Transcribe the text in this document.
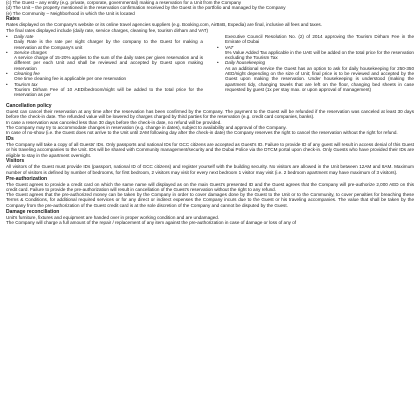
(c) The Guest – any entity (e.g. private, corporate, governmental) making a reservation for a Unit from the Company

(d) The Unit – the property mentioned in the reservation confirmation received by the Guest in the portfolio and managed by the Company

(e) The Community – Neighborhood in which the Unit is located

Rates

Rates displayed on the Company's website or its online travel agencies suppliers (e.g. Booking.com, AirBnB, Expedia) are final, inclusive all fees and taxes.

The final rates displayed include (daily rate, service charges, cleaning fee, tourism dirham and VAT)

•	Daily rate

Daily Rate is the rate per night charger by the company to the Guest for making a reservation at the Company's unit

•	Service charges

A service charge of 15-20% applies to the sum of the daily rates per given reservation and is different per each Unit and shall be reviewed and accepted by Guest upon making reservation

•	Cleaning fee

One time cleaning fee is applicable per one reservation

•	Tourism tax

Tourism Dirham Fee of 10 AED/bedroom/night will be added to the total price for the reservation as per

Executive Council Resolution No. (2) of 2014 approving the Tourism Dirham Fee in the Emirate of Dubai

•	VAT

5% Value Added Tax applicable in the UAE will be added on the total price for the reservation excluding the Tourism Tax

•	Daily housekeeping

As an additional service the Guest has an option to ask for daily housekeeping for 250-350 AED/night depending on the size of Unit; final price is to be reviewed and accepted by the Guest upon making the reservation. Under housekeeping is understood (making the apartment tidy, changing towels that are left on the floor, changing bed sheets in case requested by guest (1x per stay max. or upon approval of management)

Cancellation policy

Guest can cancel their reservation at any time after the reservation has been confirmed by the Company. The payment to the Guest will be refunded if the reservation was canceled at least 30 days before the check-in date. The refunded value will be lowered by charges charged by third parties for the reservation (e.g. credit card companies, banks).

In case a reservation was canceled less than 30 days before the check-in date, no refund will be provided.

The Company may try to accommodate changes in reservation (e.g. change in dates), subject to availability and approval of the Company.

In case of no-show (i.e. the Guest does not arrive to the Unit until 2AM following day after the check-in date) the Company reserves the right to cancel the reservation without the right for refund.

IDs

The Company will take a copy of all Guests' IDs. Only passports and national IDs for GCC citizens are accepted as Guest's ID. Failure to provide ID of any guest will result in access denial of this Guest or his traveling accompanies to the Unit. IDs will be shared with Community management/security and the Dubai Police via the DTCM portal upon check-in. Only Guests who have provided their IDs are eligible to stay in the apartment overnight.

Visitors

All visitors of the Guest must provide IDs (passport, national ID of GCC citizens) and register yourself with the building security. No visitors are allowed in the Unit between 12AM and 8AM. Maximum number of visitors is defined by number of bedrooms, for first bedroom, 2 visitors may visit for every next bedroom 1 visitor may visit (i.e. 2 bedroom apartment may have maximum of 3 visitors).

Pre-authorization

The Guest agrees to provide a credit card on which the same name will displayed as on the main Guest's presented ID and the Guest agrees that the Company will pre-authorize 2,000 AED on this credit card. Failure to provide the pre-authorization will result in cancellation of the Guest's reservation without the right to any refund.

The Guest agrees that the pre-authorized money can be taken by the Company in order to cover damages done by the Guest to the Unit or to the Community, to cover penalties for breaching these Terms & Conditions, for additional required services or for any direct or indirect expenses the Company incurs due to the Guest or his traveling accompanies. The value that shall be taken by the Company from the pre-authorization of the Guest credit card is at the sole discretion of the Company and cannot be disputed by the Guest.

Damage reconciliation

Unit's furniture, fixtures and equipment are handed over in proper working condition and are undamaged.

The Company will charge a full amount of the repair / replacement of any item against the pre-authorization in case of damage or loss of any of
